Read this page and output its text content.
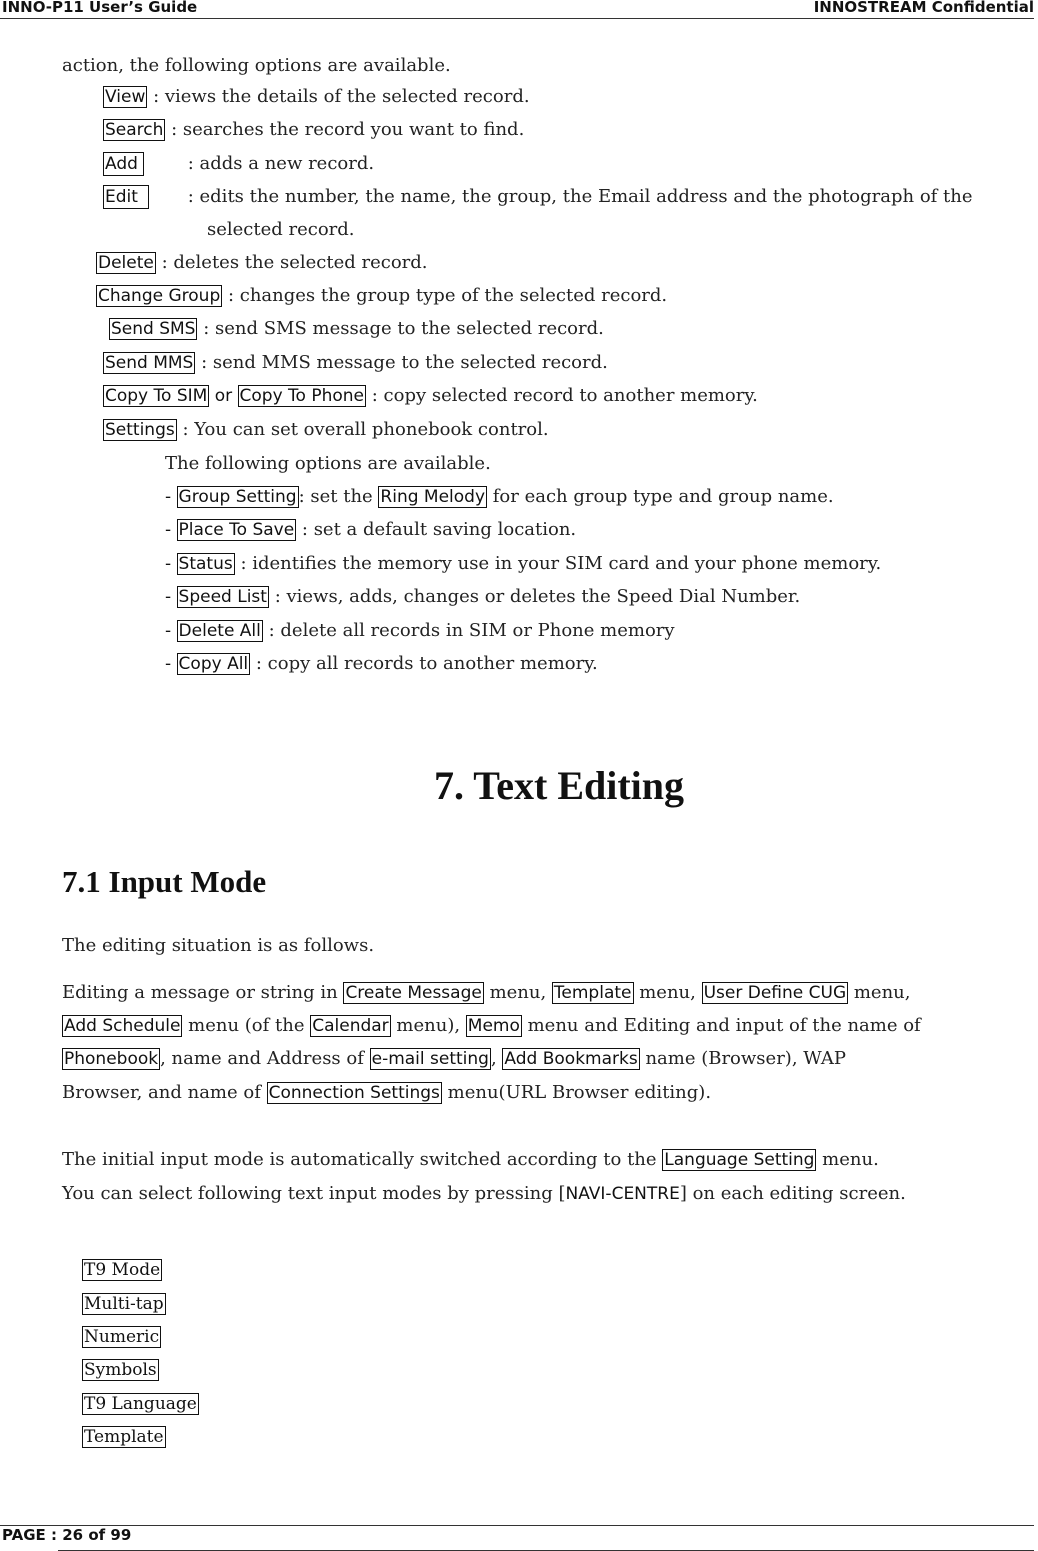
INNO-P11 User’s Guide	INNOSTREAM Confidential
action, the following options are available.
View : views the details of the selected record.
Search : searches the record you want to find.
Add : adds a new record.
Edit : edits the number, the name, the group, the Email address and the photograph of the
selected record.
Delete : deletes the selected record.
Change Group : changes the group type of the selected record.
Send SMS : send SMS message to the selected record.
Send MMS : send MMS message to the selected record.
Copy To SIM or Copy To Phone : copy selected record to another memory.
Settings : You can set overall phonebook control.
The following options are available.
- Group Setting : set the Ring Melody for each group type and group name.
- Place To Save : set a default saving location.
- Status : identifies the memory use in your SIM card and your phone memory.
- Speed List : views, adds, changes or deletes the Speed Dial Number.
- Delete All : delete all records in SIM or Phone memory
- Copy All : copy all records to another memory.
7. Text Editing
7.1 Input Mode
The editing situation is as follows.
Editing a message or string in Create Message menu, Template menu, User Define CUG menu,
Add Schedule menu (of the Calendar menu), Memo menu and Editing and input of the name of
Phonebook , name and Address of e-mail setting , Add Bookmarks name (Browser), WAP
Browser, and name of Connection Settings menu(URL Browser editing).
The initial input mode is automatically switched according to the Language Setting menu.
You can select following text input modes by pressing [NAVI-CENTRE] on each editing screen.
T9 Mode
Multi-tap
Numeric
Symbols
T9 Language
Template
PAGE : 26 of 99
